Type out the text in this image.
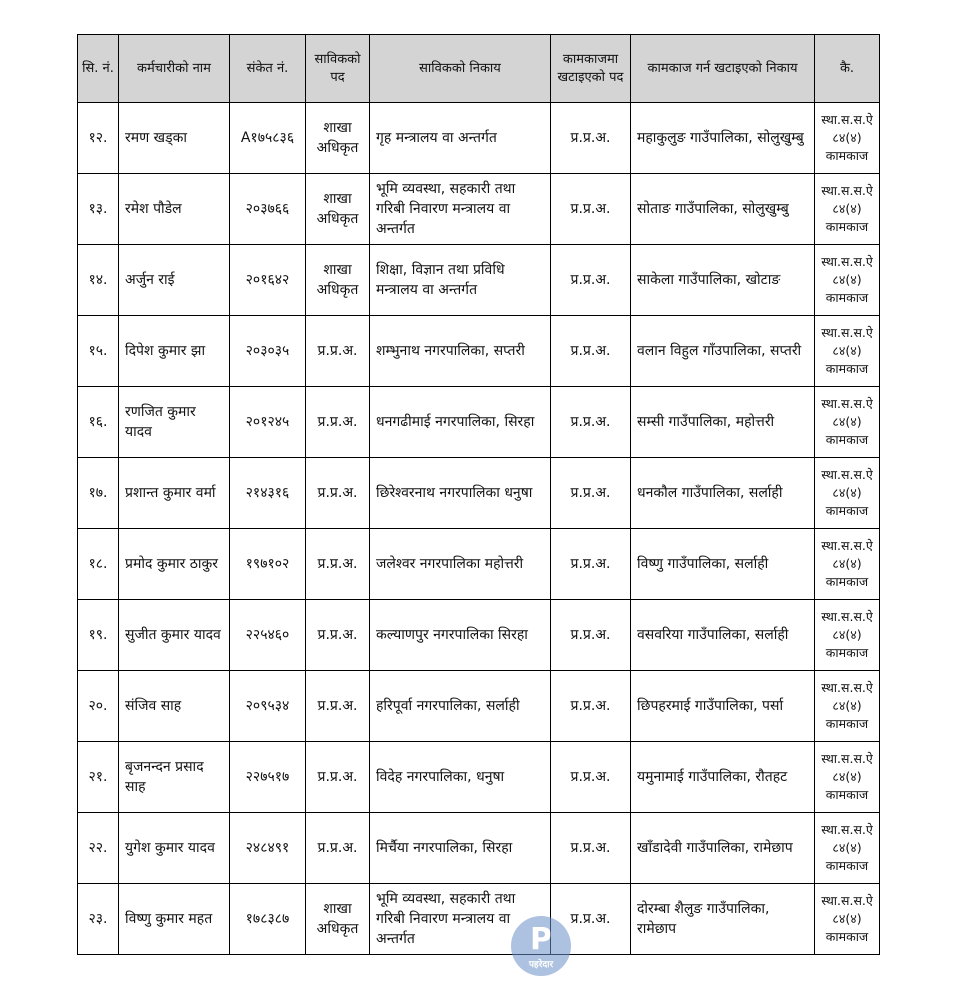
सि. नं.	कर्मचारीको नाम	संकेत नं.	साविकको पद	साविकको निकाय	कामकाजमा खटाइएको पद	कामकाज गर्न खटाइएको निकाय	कै.
१२.	रमण खड्का	A१७५८३६	शाखा अधिकृत	गृह मन्त्रालय वा अन्तर्गत	प्र.प्र.अ.	महाकुलुङ गाउँपालिका, सोलुखुम्बु	स्था.स.स.ऐ ८४(४) कामकाज
१३.	रमेश पौडेल	२०३७६६	शाखा अधिकृत	भूमि व्यवस्था, सहकारी तथा गरिबी निवारण मन्त्रालय वा अन्तर्गत	प्र.प्र.अ.	सोताङ गाउँपालिका, सोलुखुम्बु	स्था.स.स.ऐ ८४(४) कामकाज
१४.	अर्जुन राई	२०१६४२	शाखा अधिकृत	शिक्षा, विज्ञान तथा प्रविधि मन्त्रालय वा अन्तर्गत	प्र.प्र.अ.	साकेला गाउँपालिका, खोटाङ	स्था.स.स.ऐ ८४(४) कामकाज
१५.	दिपेश कुमार झा	२०३०३५	प्र.प्र.अ.	शम्भुनाथ नगरपालिका, सप्तरी	प्र.प्र.अ.	वलान विहुल गाँउपालिका, सप्तरी	स्था.स.स.ऐ ८४(४) कामकाज
१६.	रणजित कुमार यादव	२०१२४५	प्र.प्र.अ.	धनगढीमाई नगरपालिका, सिरहा	प्र.प्र.अ.	सम्सी गाउँपालिका, महोत्तरी	स्था.स.स.ऐ ८४(४) कामकाज
१७.	प्रशान्त कुमार वर्मा	२१४३१६	प्र.प्र.अ.	छिरेश्वरनाथ नगरपालिका धनुषा	प्र.प्र.अ.	धनकौल गाउँपालिका, सर्लाही	स्था.स.स.ऐ ८४(४) कामकाज
१८.	प्रमोद कुमार ठाकुर	१९७१०२	प्र.प्र.अ.	जलेश्वर नगरपालिका महोत्तरी	प्र.प्र.अ.	विष्णु गाउँपालिका, सर्लाही	स्था.स.स.ऐ ८४(४) कामकाज
१९.	सुजीत कुमार यादव	२२५४६०	प्र.प्र.अ.	कल्याणपुर नगरपालिका सिरहा	प्र.प्र.अ.	वसवरिया गाउँपालिका, सर्लाही	स्था.स.स.ऐ ८४(४) कामकाज
२०.	संजिव साह	२०९५३४	प्र.प्र.अ.	हरिपूर्वा नगरपालिका, सर्लाही	प्र.प्र.अ.	छिपहरमाई गाउँपालिका, पर्सा	स्था.स.स.ऐ ८४(४) कामकाज
२१.	बृजनन्दन प्रसाद साह	२२७५१७	प्र.प्र.अ.	विदेह नगरपालिका, धनुषा	प्र.प्र.अ.	यमुनामाई गाउँपालिका, रौतहट	स्था.स.स.ऐ ८४(४) कामकाज
२२.	युगेश कुमार यादव	२४८४९१	प्र.प्र.अ.	मिर्चैया नगरपालिका, सिरहा	प्र.प्र.अ.	खाँडादेवी गाउँपालिका, रामेछाप	स्था.स.स.ऐ ८४(४) कामकाज
२३.	विष्णु कुमार महत	१७८३८७	शाखा अधिकृत	भूमि व्यवस्था, सहकारी तथा गरिबी निवारण मन्त्रालय वा अन्तर्गत	प्र.प्र.अ.	दोरम्बा शैलुङ गाउँपालिका, रामेछाप	स्था.स.स.ऐ ८४(४) कामकाज
P
पहरेदार
